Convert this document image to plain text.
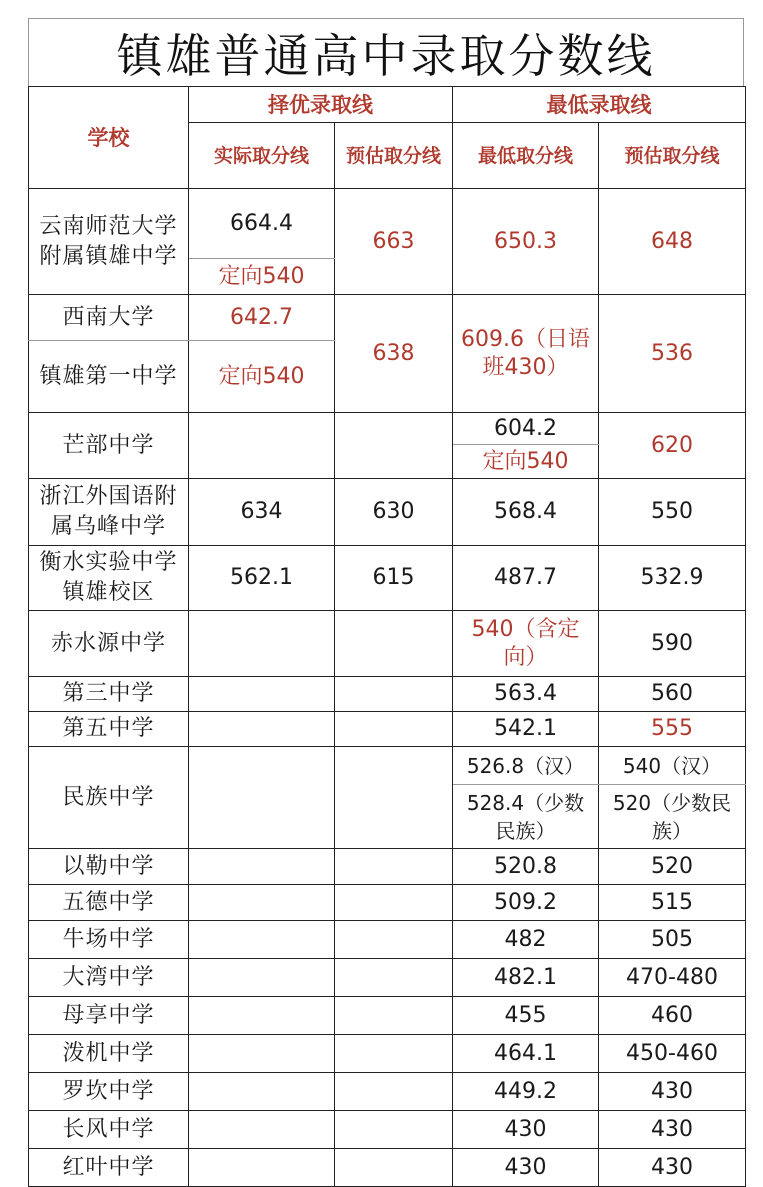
镇雄普通高中录取分数线
学校	择优录取线		最低录取线	
	实际取分线	预估取分线	最低取分线	预估取分线
云南师范大学附属镇雄中学	664.4	663	650.3	648
	定向540			
西南大学	642.7	638	609.6（日语班430）	536
镇雄第一中学	定向540			
芒部中学			604.2	620
			定向540	
浙江外国语附属乌峰中学	634	630	568.4	550
衡水实验中学镇雄校区	562.1	615	487.7	532.9
赤水源中学			540（含定向）	590
第三中学			563.4	560
第五中学			542.1	555
民族中学			526.8（汉）	540（汉）
			528.4（少数民族）	520（少数民族）
以勒中学			520.8	520
五德中学			509.2	515
牛场中学			482	505
大湾中学			482.1	470-480
母享中学			455	460
泼机中学			464.1	450-460
罗坎中学			449.2	430
长风中学			430	430
红叶中学			430	430
